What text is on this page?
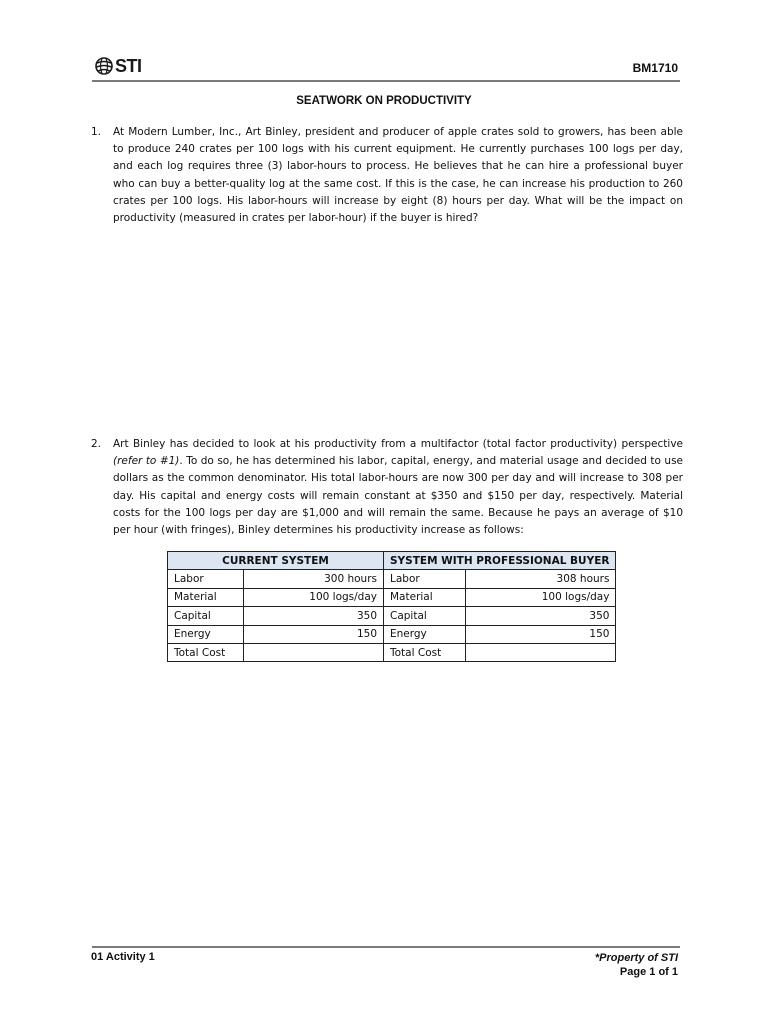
STI	BM1710
SEATWORK ON PRODUCTIVITY
1.	At Modern Lumber, Inc., Art Binley, president and producer of apple crates sold to growers, has been able to produce 240 crates per 100 logs with his current equipment. He currently purchases 100 logs per day, and each log requires three (3) labor-hours to process. He believes that he can hire a professional buyer who can buy a better-quality log at the same cost. If this is the case, he can increase his production to 260 crates per 100 logs. His labor-hours will increase by eight (8) hours per day. What will be the impact on productivity (measured in crates per labor-hour) if the buyer is hired?
2.	Art Binley has decided to look at his productivity from a multifactor (total factor productivity) perspective (refer to #1). To do so, he has determined his labor, capital, energy, and material usage and decided to use dollars as the common denominator. His total labor-hours are now 300 per day and will increase to 308 per day. His capital and energy costs will remain constant at $350 and $150 per day, respectively. Material costs for the 100 logs per day are $1,000 and will remain the same. Because he pays an average of $10 per hour (with fringes), Binley determines his productivity increase as follows:
CURRENT SYSTEM		SYSTEM WITH PROFESSIONAL BUYER	
Labor	300 hours	Labor	308 hours
Material	100 logs/day	Material	100 logs/day
Capital	350	Capital	350
Energy	150	Energy	150
Total Cost		Total Cost	
01 Activity 1	*Property of STI
Page 1 of 1
